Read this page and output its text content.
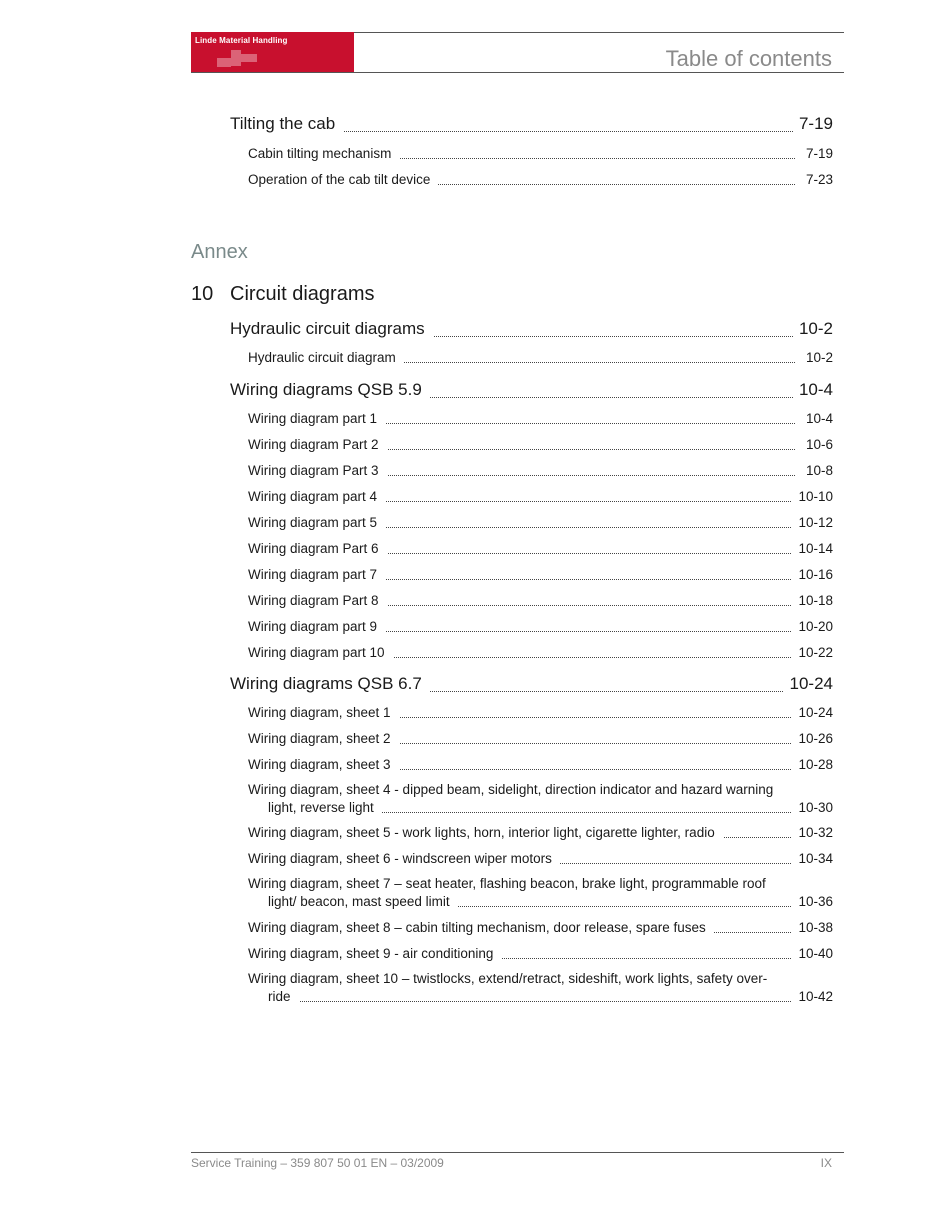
Linde Material Handling
Table of contents
Tilting the cab	7-19
Cabin tilting mechanism	7-19
Operation of the cab tilt device	7-23
Annex
10 Circuit diagrams
Hydraulic circuit diagrams	10-2
Hydraulic circuit diagram	10-2
Wiring diagrams QSB 5.9	10-4
Wiring diagram part 1	10-4
Wiring diagram Part 2	10-6
Wiring diagram Part 3	10-8
Wiring diagram part 4	10-10
Wiring diagram part 5	10-12
Wiring diagram Part 6	10-14
Wiring diagram part 7	10-16
Wiring diagram Part 8	10-18
Wiring diagram part 9	10-20
Wiring diagram part 10	10-22
Wiring diagrams QSB 6.7	10-24
Wiring diagram, sheet 1	10-24
Wiring diagram, sheet 2	10-26
Wiring diagram, sheet 3	10-28
Wiring diagram, sheet 4 - dipped beam, sidelight, direction indicator and hazard warning
light, reverse light	10-30
Wiring diagram, sheet 5 - work lights, horn, interior light, cigarette lighter, radio	10-32
Wiring diagram, sheet 6 - windscreen wiper motors	10-34
Wiring diagram, sheet 7 – seat heater, flashing beacon, brake light, programmable roof
light/ beacon, mast speed limit	10-36
Wiring diagram, sheet 8 – cabin tilting mechanism, door release, spare fuses	10-38
Wiring diagram, sheet 9 - air conditioning	10-40
Wiring diagram, sheet 10 – twistlocks, extend/retract, sideshift, work lights, safety over-
ride	10-42
Service Training – 359 807 50 01 EN – 03/2009	IX
